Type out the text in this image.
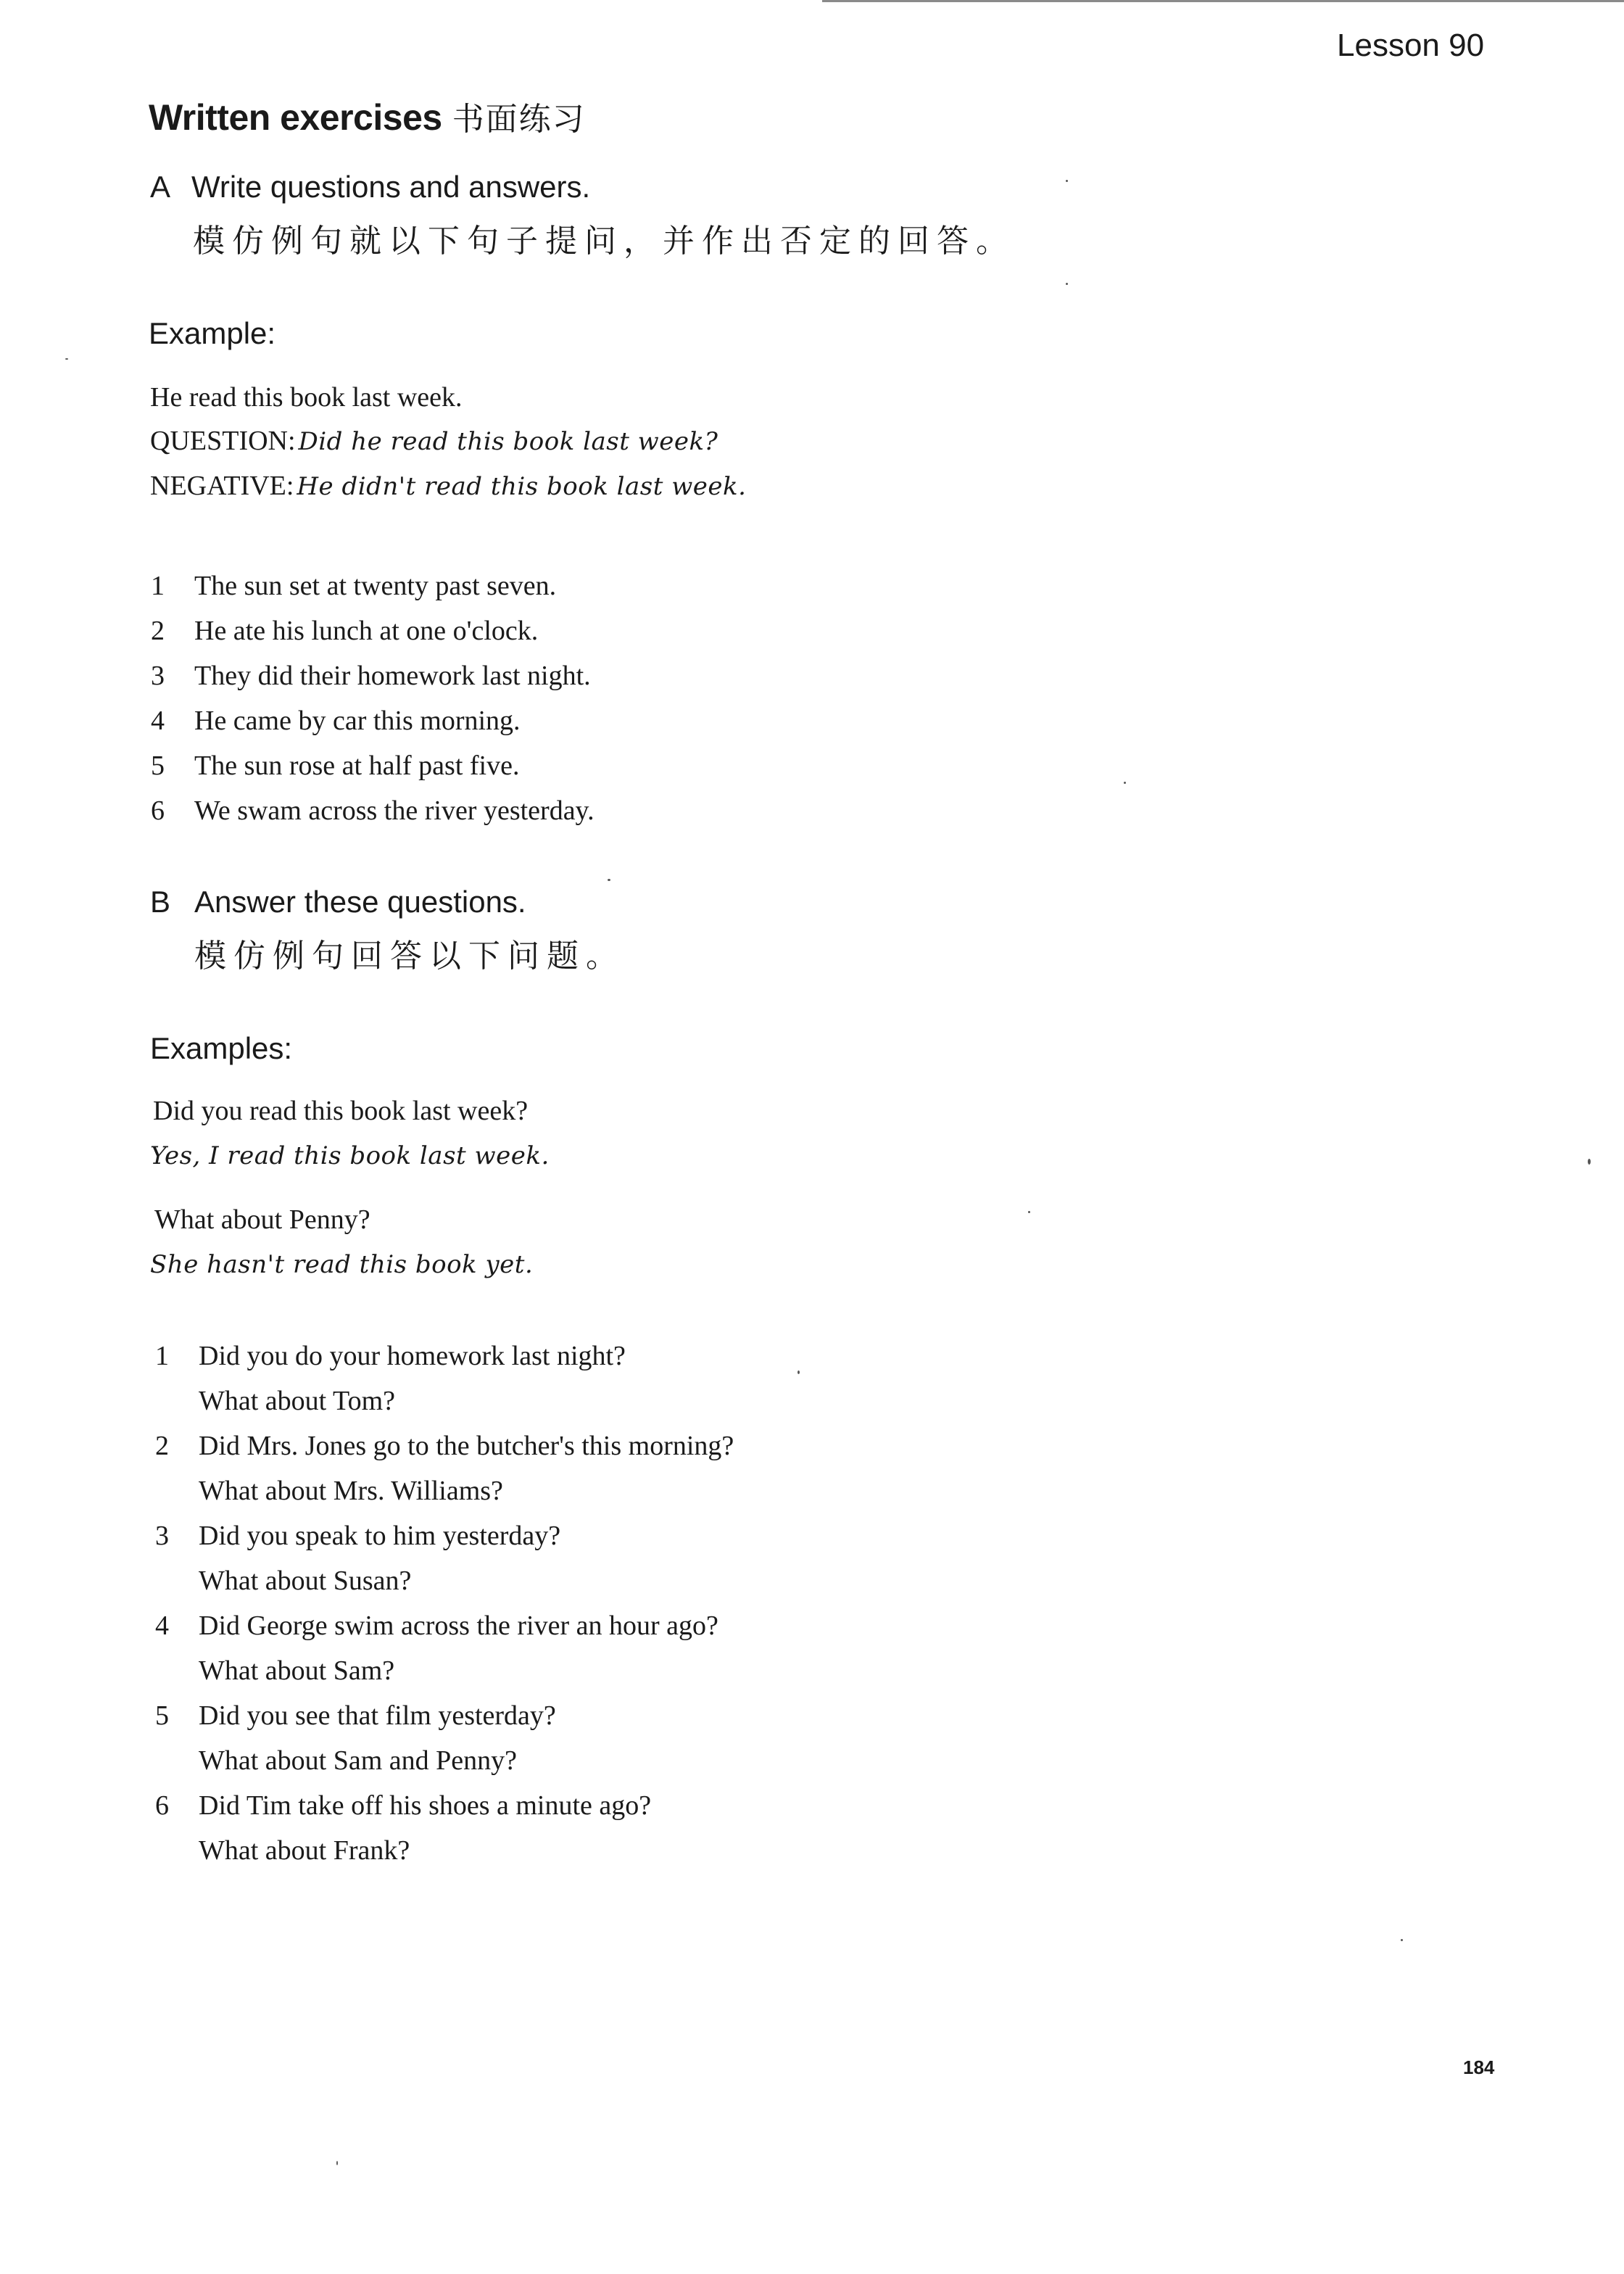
Lesson 90
Written exercises 书面练习
A Write questions and answers.
模仿例句就以下句子提问，并作出否定的回答。
Example:
He read this book last week.
QUESTION: Did he read this book last week?
NEGATIVE: He didn't read this book last week.
1	The sun set at twenty past seven.
2	He ate his lunch at one o'clock.
3	They did their homework last night.
4	He came by car this morning.
5	The sun rose at half past five.
6	We swam across the river yesterday.
B Answer these questions.
模仿例句回答以下问题。
Examples:
Did you read this book last week?
Yes, I read this book last week.
What about Penny?
She hasn't read this book yet.
1	Did you do your homework last night?
What about Tom?
2	Did Mrs. Jones go to the butcher's this morning?
What about Mrs. Williams?
3	Did you speak to him yesterday?
What about Susan?
4	Did George swim across the river an hour ago?
What about Sam?
5	Did you see that film yesterday?
What about Sam and Penny?
6	Did Tim take off his shoes a minute ago?
What about Frank?
184
